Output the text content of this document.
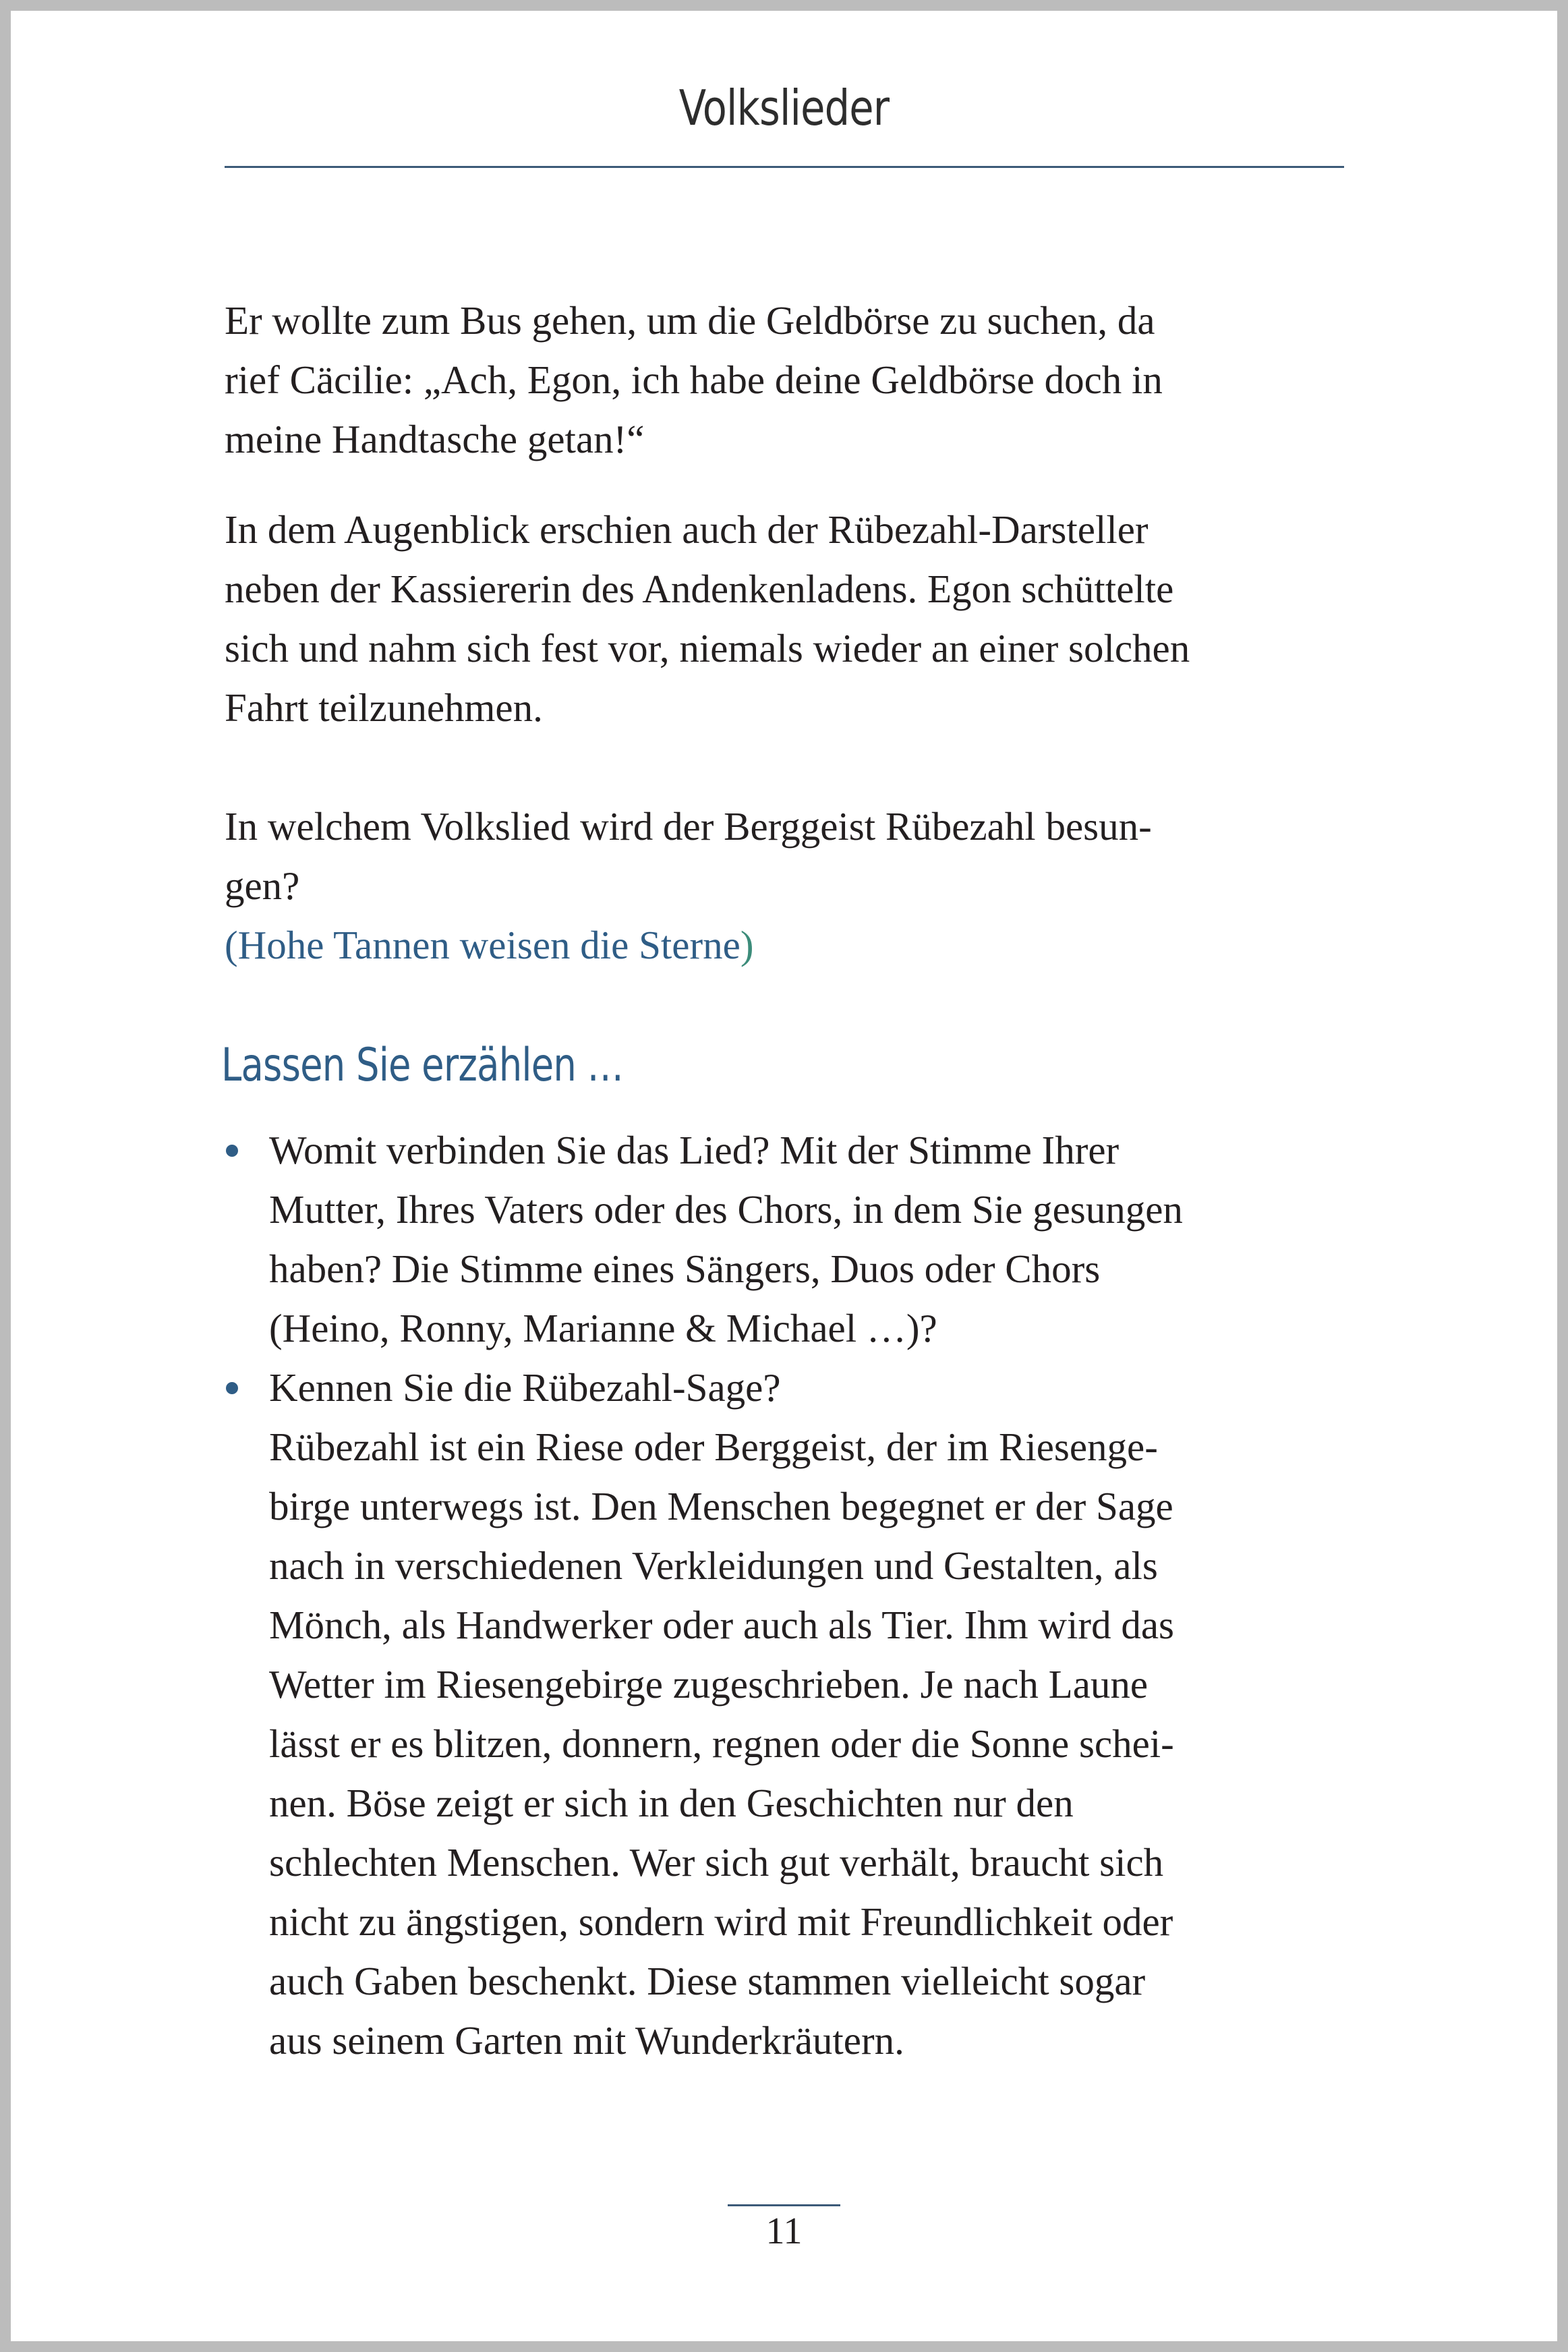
Volkslieder

Er wollte zum Bus gehen, um die Geldbörse zu suchen, da
rief Cäcilie: „Ach, Egon, ich habe deine Geldbörse doch in
meine Handtasche getan!“

In dem Augenblick erschien auch der Rübezahl-Darsteller
neben der Kassiererin des Andenkenladens. Egon schüttelte
sich und nahm sich fest vor, niemals wieder an einer solchen
Fahrt teilzunehmen.

In welchem Volkslied wird der Berggeist Rübezahl besun-
gen?
(Hohe Tannen weisen die Sterne)

Lassen Sie erzählen …
Womit verbinden Sie das Lied? Mit der Stimme Ihrer
Mutter, Ihres Vaters oder des Chors, in dem Sie gesungen
haben? Die Stimme eines Sängers, Duos oder Chors
(Heino, Ronny, Marianne & Michael …)?
Kennen Sie die Rübezahl-Sage?
Rübezahl ist ein Riese oder Berggeist, der im Riesenge-
birge unterwegs ist. Den Menschen begegnet er der Sage
nach in verschiedenen Verkleidungen und Gestalten, als
Mönch, als Handwerker oder auch als Tier. Ihm wird das
Wetter im Riesengebirge zugeschrieben. Je nach Laune
lässt er es blitzen, donnern, regnen oder die Sonne schei-
nen. Böse zeigt er sich in den Geschichten nur den
schlechten Menschen. Wer sich gut verhält, braucht sich
nicht zu ängstigen, sondern wird mit Freundlichkeit oder
auch Gaben beschenkt. Diese stammen vielleicht sogar
aus seinem Garten mit Wunderkräutern.
11
